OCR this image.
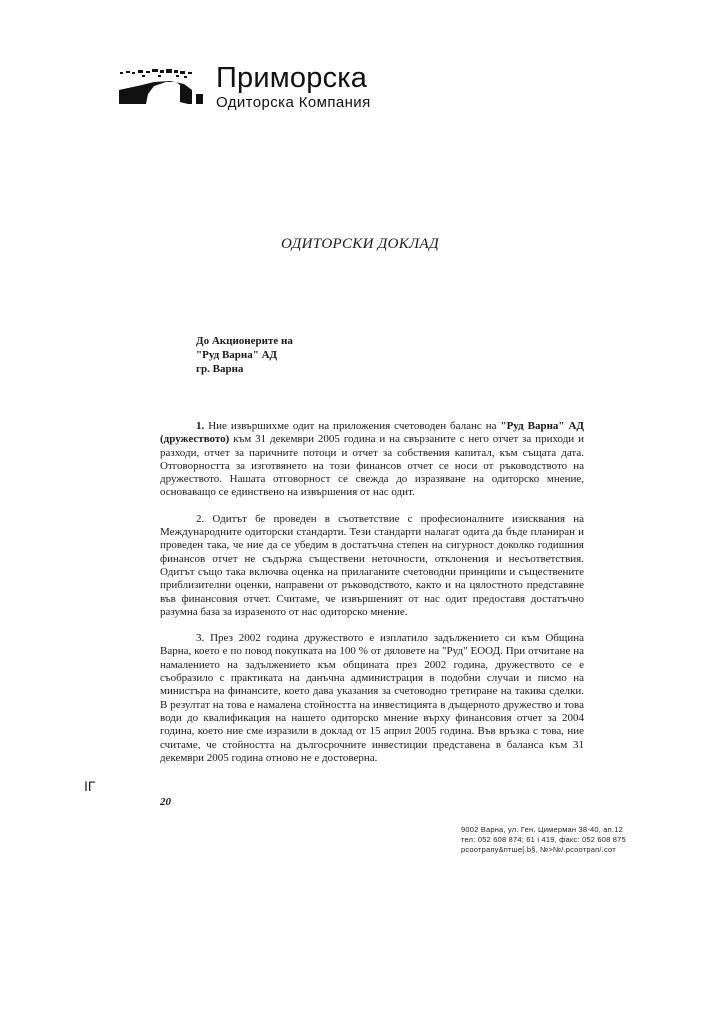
Приморска
Одиторска Компания
ОДИТОРСКИ ДОКЛАД
До Акционерите на
"Руд Варна" АД
гр. Варна

1. Ние извършихме одит на приложения счетоводен баланс на "Руд Варна" АД (дружеството) към 31 декември 2005 година и на свързаните с него отчет за приходи и разходи, отчет за паричните потоци и отчет за собствения капитал, към същата дата. Отговорността за изготвянето на този финансов отчет се носи от ръководството на дружеството. Нашата отговорност се свежда до изразяване на одиторско мнение, основаващо се единствено на извършения от нас одит.

2. Одитът бе проведен в съответствие с професионалните изисквания на Международните одиторски стандарти. Тези стандарти налагат одита да бъде планиран и проведен така, че ние да се убедим в достатъчна степен на сигурност доколко годишния финансов отчет не съдържа съществени неточности, отклонения и несъответствия. Одитът също така включва оценка на прилаганите счетоводни принципи и съществените приблизителни оценки, направени от ръководството, както и на цялостното представяне във финансовия отчет. Считаме, че извършеният от нас одит предоставя достатъчно разумна база за изразеното от нас одиторско мнение.

3. През 2002 година дружеството е изплатило задължението си към Община Варна, което е по повод покупката на 100 % от дяловете на "Руд" ЕООД. При отчитане на намалението на задължението към общината през 2002 година, дружеството се е съобразило с практиката на данъчна администрация в подобни случаи и писмо на министъра на финансите, което дава указания за счетоводно третиране на такива сделки. В резултат на това е намалена стойността на инвестицията в дъщерното дружество и това води до квалификация на нашето одиторско мнение върху финансовия отчет за 2004 година, което ние сме изразили в доклад от 15 април 2005 година. Във връзка с това, ние считаме, че стойността на дългосрочните инвестиции представена в баланса към 31 декември 2005 година отново не е достоверна.

ІГ
20
9002 Варна, ул. Ген. Цимерман 38-40, ап.12
тел: 052 608 874; 61 i 419, факс: 052 608 875
рсоотрапу&птше[.b§, №>№/.рсоотрап/.сот
